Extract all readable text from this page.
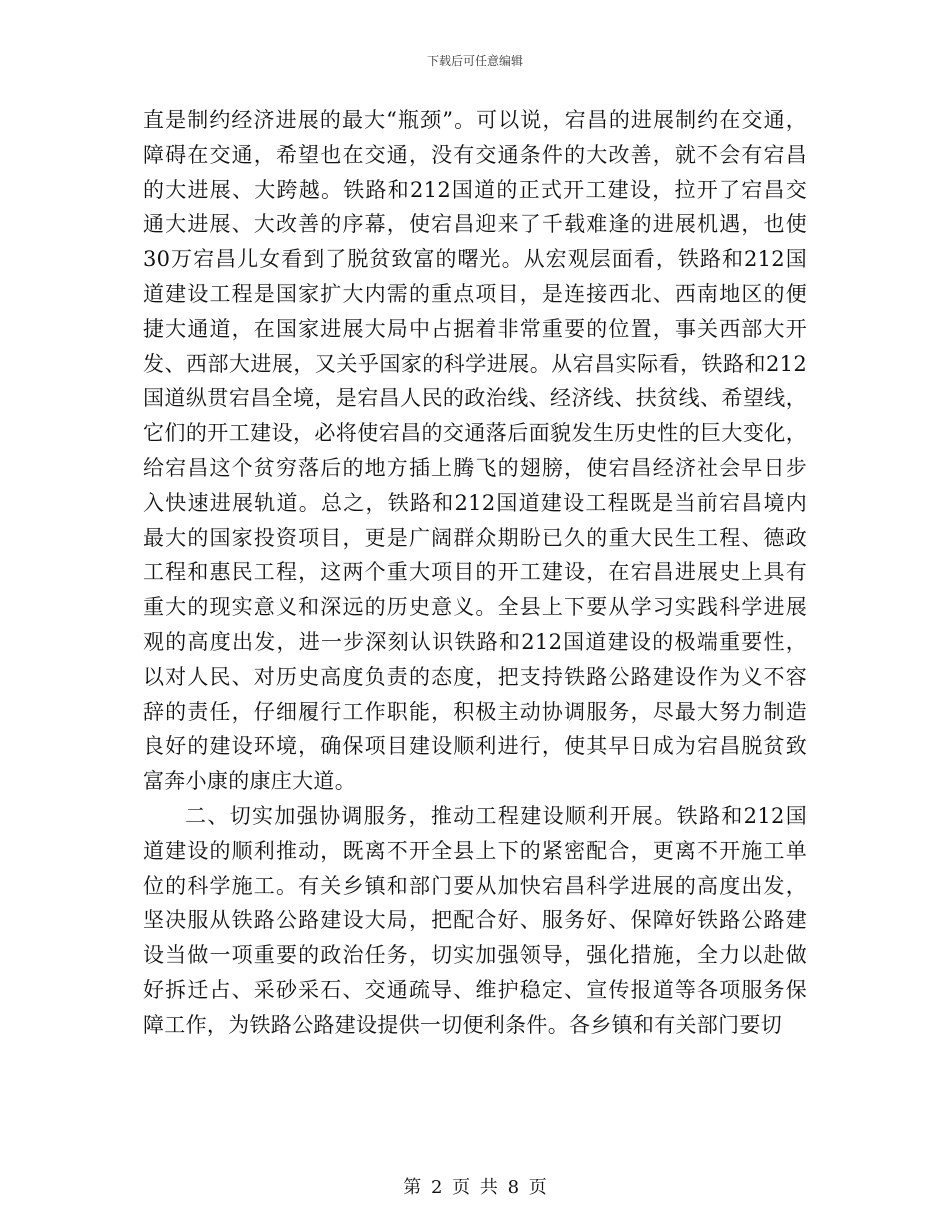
下载后可任意编辑

直是制约经济进展的最大“瓶颈”。可以说，宕昌的进展制约在交通，
障碍在交通，希望也在交通，没有交通条件的大改善，就不会有宕昌
的大进展、大跨越。铁路和212国道的正式开工建设，拉开了宕昌交
通大进展、大改善的序幕，使宕昌迎来了千载难逢的进展机遇，也使
30万宕昌儿女看到了脱贫致富的曙光。从宏观层面看，铁路和212国
道建设工程是国家扩大内需的重点项目，是连接西北、西南地区的便
捷大通道，在国家进展大局中占据着非常重要的位置，事关西部大开
发、西部大进展，又关乎国家的科学进展。从宕昌实际看，铁路和212
国道纵贯宕昌全境，是宕昌人民的政治线、经济线、扶贫线、希望线，
它们的开工建设，必将使宕昌的交通落后面貌发生历史性的巨大变化，
给宕昌这个贫穷落后的地方插上腾飞的翅膀，使宕昌经济社会早日步
入快速进展轨道。总之，铁路和212国道建设工程既是当前宕昌境内
最大的国家投资项目，更是广阔群众期盼已久的重大民生工程、德政
工程和惠民工程，这两个重大项目的开工建设，在宕昌进展史上具有
重大的现实意义和深远的历史意义。全县上下要从学习实践科学进展
观的高度出发，进一步深刻认识铁路和212国道建设的极端重要性，
以对人民、对历史高度负责的态度，把支持铁路公路建设作为义不容
辞的责任，仔细履行工作职能，积极主动协调服务，尽最大努力制造
良好的建设环境，确保项目建设顺利进行，使其早日成为宕昌脱贫致
富奔小康的康庄大道。

二、切实加强协调服务，推动工程建设顺利开展。铁路和212国
道建设的顺利推动，既离不开全县上下的紧密配合，更离不开施工单
位的科学施工。有关乡镇和部门要从加快宕昌科学进展的高度出发，
坚决服从铁路公路建设大局，把配合好、服务好、保障好铁路公路建
设当做一项重要的政治任务，切实加强领导，强化措施，全力以赴做
好拆迁占、采砂采石、交通疏导、维护稳定、宣传报道等各项服务保
障工作，为铁路公路建设提供一切便利条件。各乡镇和有关部门要切

第 2 页 共 8 页
